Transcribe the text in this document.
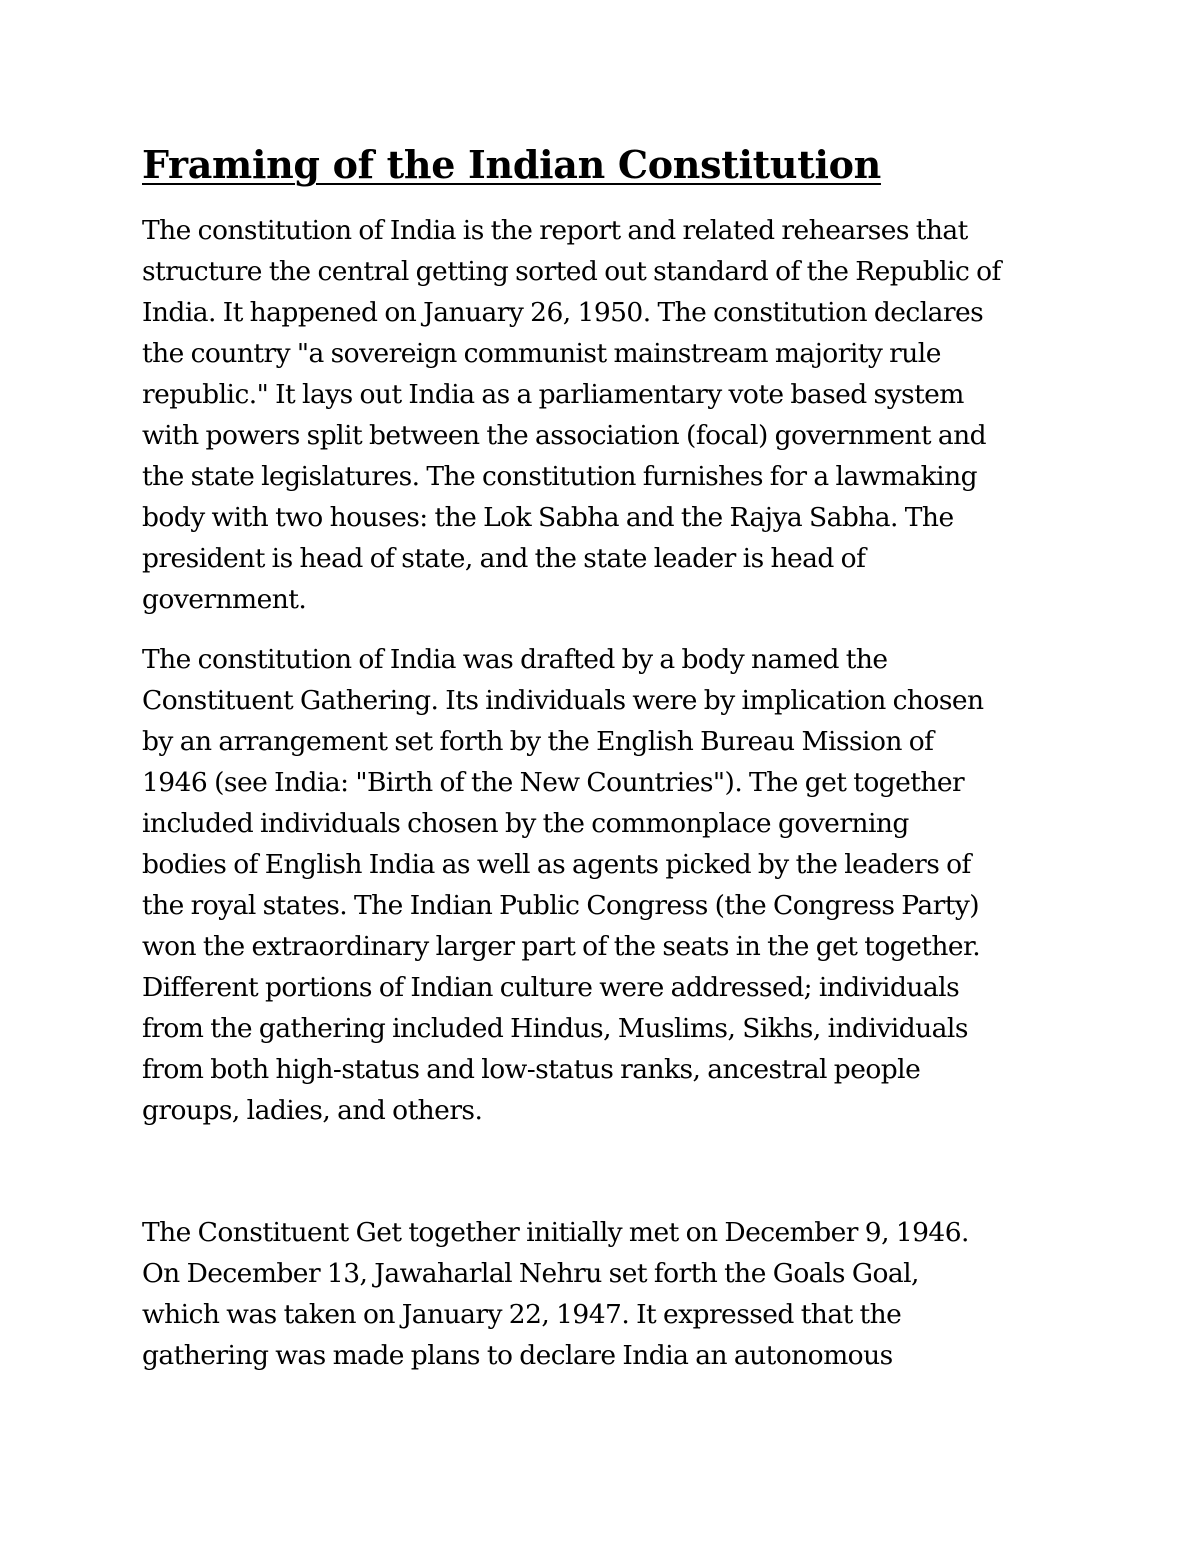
Framing of the Indian Constitution
The constitution of India is the report and related rehearses that
structure the central getting sorted out standard of the Republic of
India. It happened on January 26, 1950. The constitution declares
the country "a sovereign communist mainstream majority rule
republic." It lays out India as a parliamentary vote based system
with powers split between the association (focal) government and
the state legislatures. The constitution furnishes for a lawmaking
body with two houses: the Lok Sabha and the Rajya Sabha. The
president is head of state, and the state leader is head of
government.
The constitution of India was drafted by a body named the
Constituent Gathering. Its individuals were by implication chosen
by an arrangement set forth by the English Bureau Mission of
1946 (see India: "Birth of the New Countries"). The get together
included individuals chosen by the commonplace governing
bodies of English India as well as agents picked by the leaders of
the royal states. The Indian Public Congress (the Congress Party)
won the extraordinary larger part of the seats in the get together.
Different portions of Indian culture were addressed; individuals
from the gathering included Hindus, Muslims, Sikhs, individuals
from both high-status and low-status ranks, ancestral people
groups, ladies, and others.
The Constituent Get together initially met on December 9, 1946.
On December 13, Jawaharlal Nehru set forth the Goals Goal,
which was taken on January 22, 1947. It expressed that the
gathering was made plans to declare India an autonomous
